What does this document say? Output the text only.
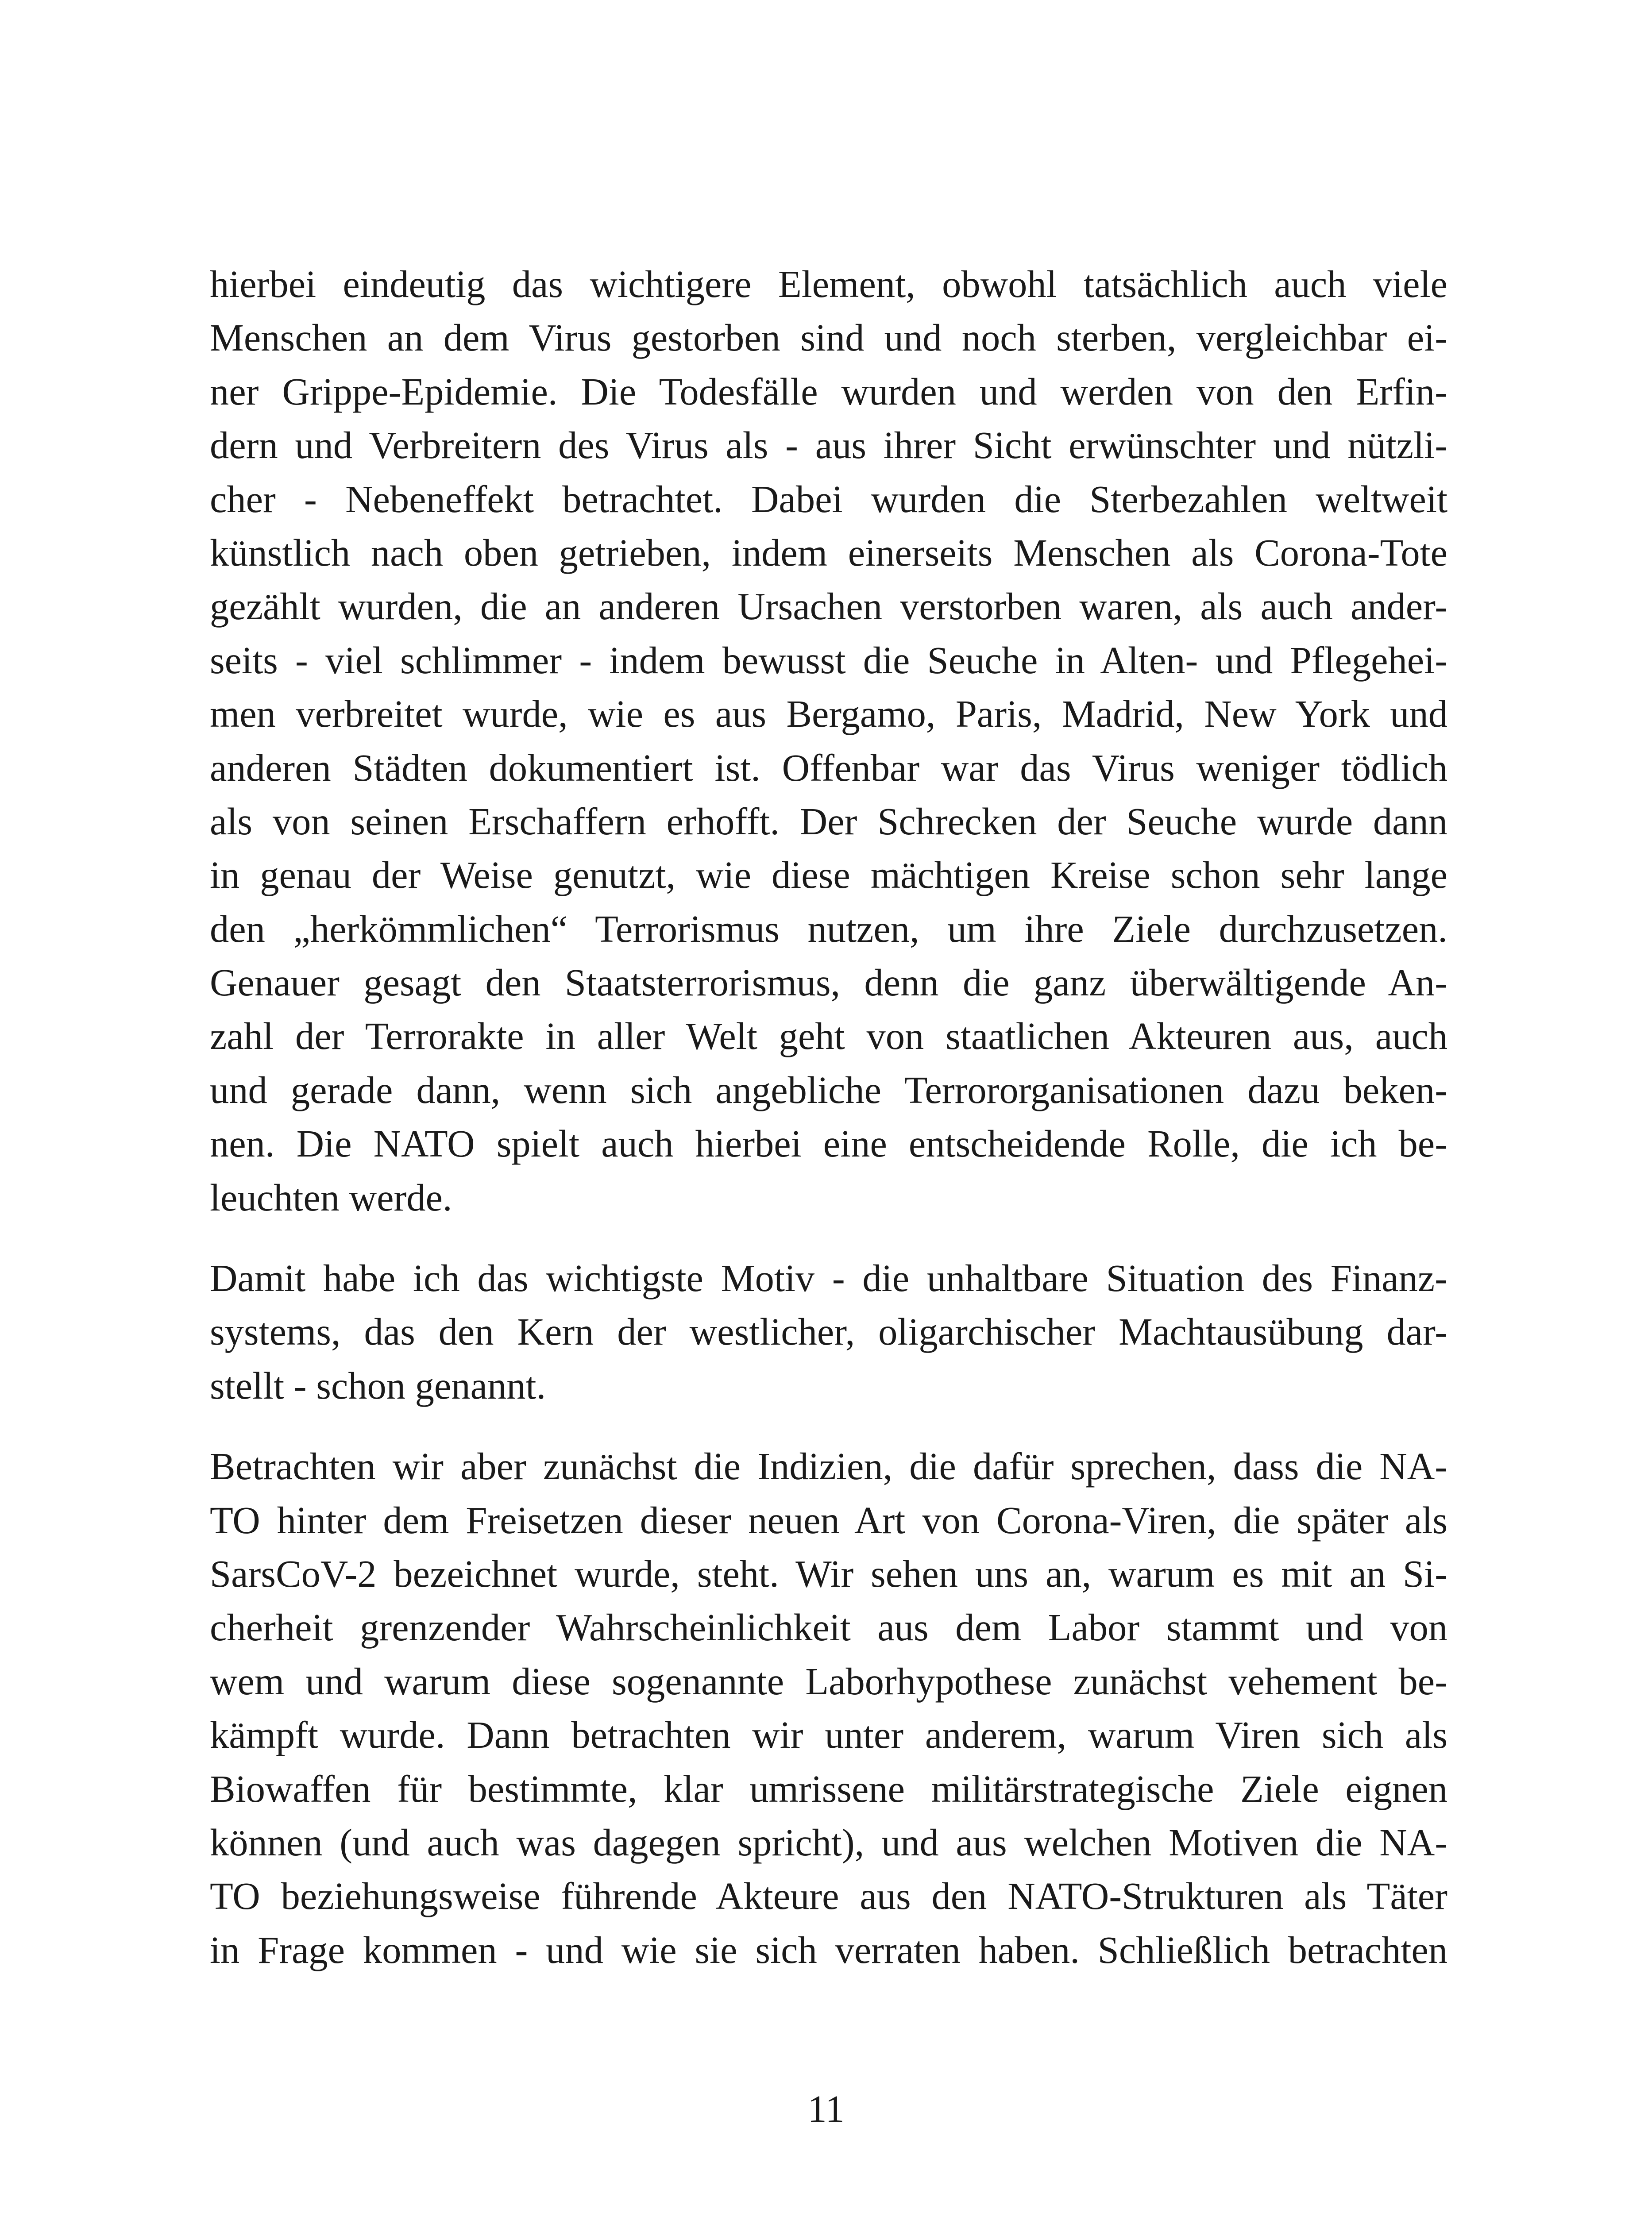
hierbei eindeutig das wichtigere Element, obwohl tatsächlich auch viele
Menschen an dem Virus gestorben sind und noch sterben, vergleichbar ei-
ner Grippe-Epidemie. Die Todesfälle wurden und werden von den Erfin-
dern und Verbreitern des Virus als - aus ihrer Sicht erwünschter und nützli-
cher - Nebeneffekt betrachtet. Dabei wurden die Sterbezahlen weltweit
künstlich nach oben getrieben, indem einerseits Menschen als Corona-Tote
gezählt wurden, die an anderen Ursachen verstorben waren, als auch ander-
seits - viel schlimmer - indem bewusst die Seuche in Alten- und Pflegehei-
men verbreitet wurde, wie es aus Bergamo, Paris, Madrid, New York und
anderen Städten dokumentiert ist. Offenbar war das Virus weniger tödlich
als von seinen Erschaffern erhofft. Der Schrecken der Seuche wurde dann
in genau der Weise genutzt, wie diese mächtigen Kreise schon sehr lange
den „herkömmlichen“ Terrorismus nutzen, um ihre Ziele durchzusetzen.
Genauer gesagt den Staatsterrorismus, denn die ganz überwältigende An-
zahl der Terrorakte in aller Welt geht von staatlichen Akteuren aus, auch
und gerade dann, wenn sich angebliche Terrororganisationen dazu beken-
nen. Die NATO spielt auch hierbei eine entscheidende Rolle, die ich be-
leuchten werde.
Damit habe ich das wichtigste Motiv - die unhaltbare Situation des Finanz-
systems, das den Kern der westlicher, oligarchischer Machtausübung dar-
stellt - schon genannt.
Betrachten wir aber zunächst die Indizien, die dafür sprechen, dass die NA-
TO hinter dem Freisetzen dieser neuen Art von Corona-Viren, die später als
SarsCoV-2 bezeichnet wurde, steht. Wir sehen uns an, warum es mit an Si-
cherheit grenzender Wahrscheinlichkeit aus dem Labor stammt und von
wem und warum diese sogenannte Laborhypothese zunächst vehement be-
kämpft wurde. Dann betrachten wir unter anderem, warum Viren sich als
Biowaffen für bestimmte, klar umrissene militärstrategische Ziele eignen
können (und auch was dagegen spricht), und aus welchen Motiven die NA-
TO beziehungsweise führende Akteure aus den NATO-Strukturen als Täter
in Frage kommen - und wie sie sich verraten haben. Schließlich betrachten
11
